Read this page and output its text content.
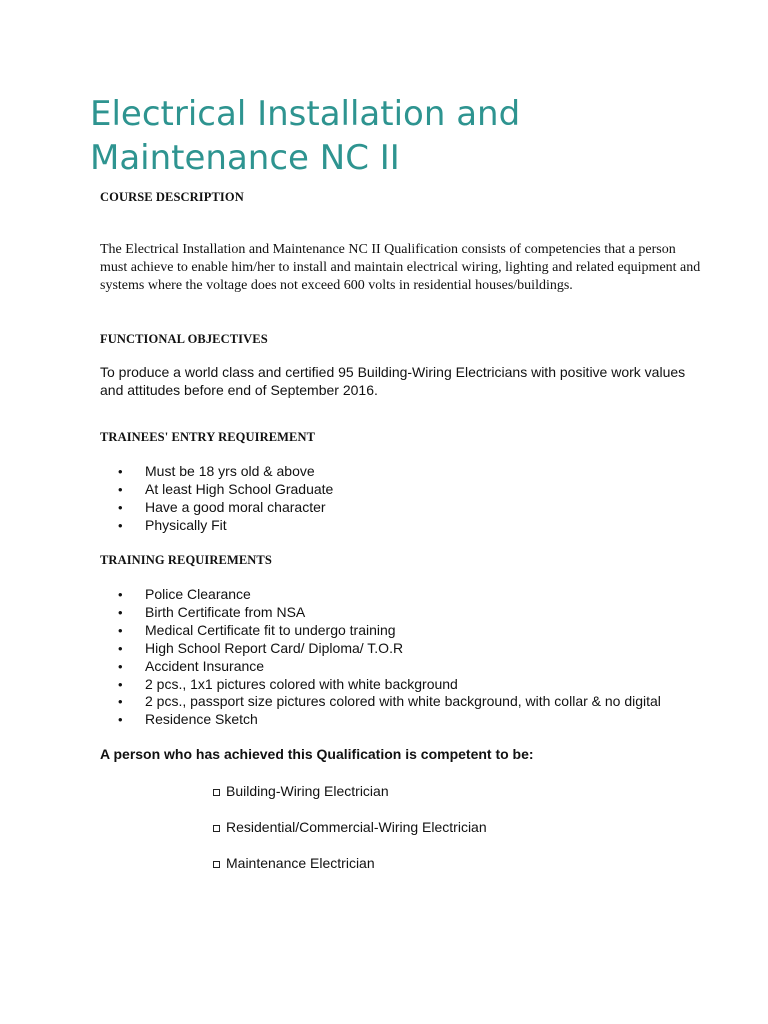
Electrical Installation and
Maintenance NC II
COURSE DESCRIPTION

The Electrical Installation and Maintenance NC II Qualification consists of competencies that a person
must achieve to enable him/her to install and maintain electrical wiring, lighting and related equipment and
systems where the voltage does not exceed 600 volts in residential houses/buildings.

FUNCTIONAL OBJECTIVES

To produce a world class and certified 95 Building-Wiring Electricians with positive work values
and attitudes before end of September 2016.

TRAINEES' ENTRY REQUIREMENT
• Must be 18 yrs old & above
• At least High School Graduate
• Have a good moral character
• Physically Fit
TRAINING REQUIREMENTS
• Police Clearance
• Birth Certificate from NSA
• Medical Certificate fit to undergo training
• High School Report Card/ Diploma/ T.O.R
• Accident Insurance
• 2 pcs., 1x1 pictures colored with white background
• 2 pcs., passport size pictures colored with white background, with collar & no digital
• Residence Sketch

A person who has achieved this Qualification is competent to be:

Building-Wiring Electrician
Residential/Commercial-Wiring Electrician
Maintenance Electrician
